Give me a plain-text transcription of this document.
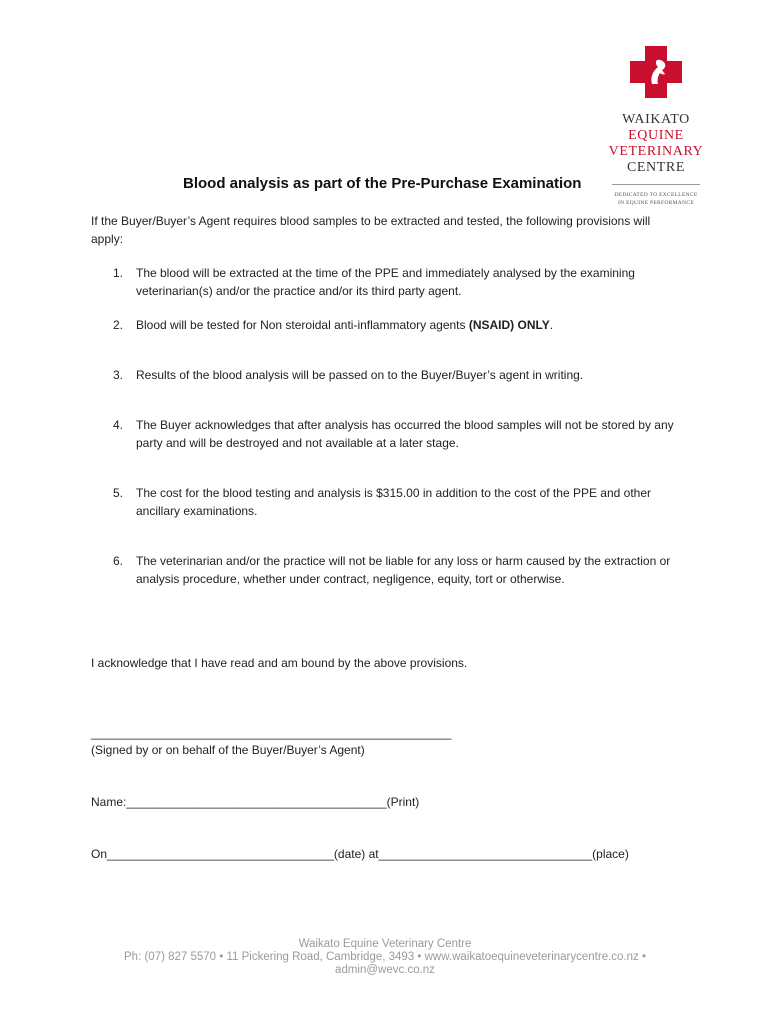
WAIKATO
EQUINE
VETERINARY
CENTRE
DEDICATED TO EXCELLENCE
IN EQUINE PERFORMANCE
Blood analysis as part of the Pre-Purchase Examination
If the Buyer/Buyer’s Agent requires blood samples to be extracted and tested, the following provisions will apply:
1. The blood will be extracted at the time of the PPE and immediately analysed by the examining veterinarian(s) and/or the practice and/or its third party agent.
2. Blood will be tested for Non steroidal anti-inflammatory agents (NSAID) ONLY.
3. Results of the blood analysis will be passed on to the Buyer/Buyer’s agent in writing.
4. The Buyer acknowledges that after analysis has occurred the blood samples will not be stored by any party and will be destroyed and not available at a later stage.
5. The cost for the blood testing and analysis is $315.00 in addition to the cost of the PPE and other ancillary examinations.
6. The veterinarian and/or the practice will not be liable for any loss or harm caused by the extraction or analysis procedure, whether under contract, negligence, equity, tort or otherwise.
I acknowledge that I have read and am bound by the above provisions.
______________________________________________________
(Signed by or on behalf of the Buyer/Buyer’s Agent)
Name:_______________________________________(Print)
On__________________________________(date) at________________________________(place)
Waikato Equine Veterinary Centre
Ph: (07) 827 5570 • 11 Pickering Road, Cambridge, 3493 • www.waikatoequineveterinarycentre.co.nz •
admin@wevc.co.nz
